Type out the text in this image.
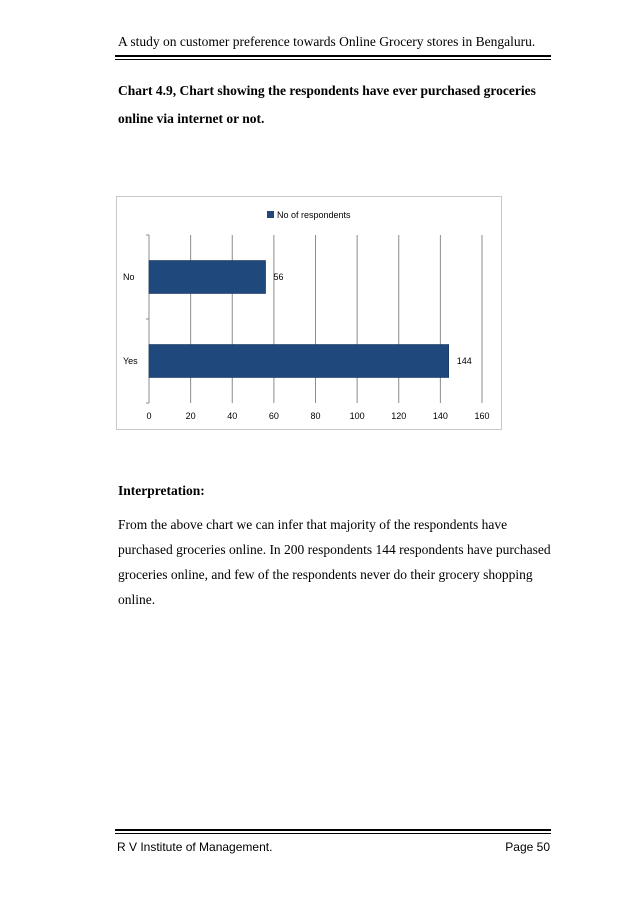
A study on customer preference towards Online Grocery stores in Bengaluru.
Chart 4.9, Chart showing the respondents have ever purchased groceries online via internet or not.
0	20	40	60	80	100	120	140	160
No	56
Yes	144
No of respondents
Interpretation:
From the above chart we can infer that majority of the respondents have purchased groceries online. In 200 respondents 144 respondents have purchased groceries online, and few of the respondents never do their grocery shopping online.
R V Institute of Management.	Page 50
